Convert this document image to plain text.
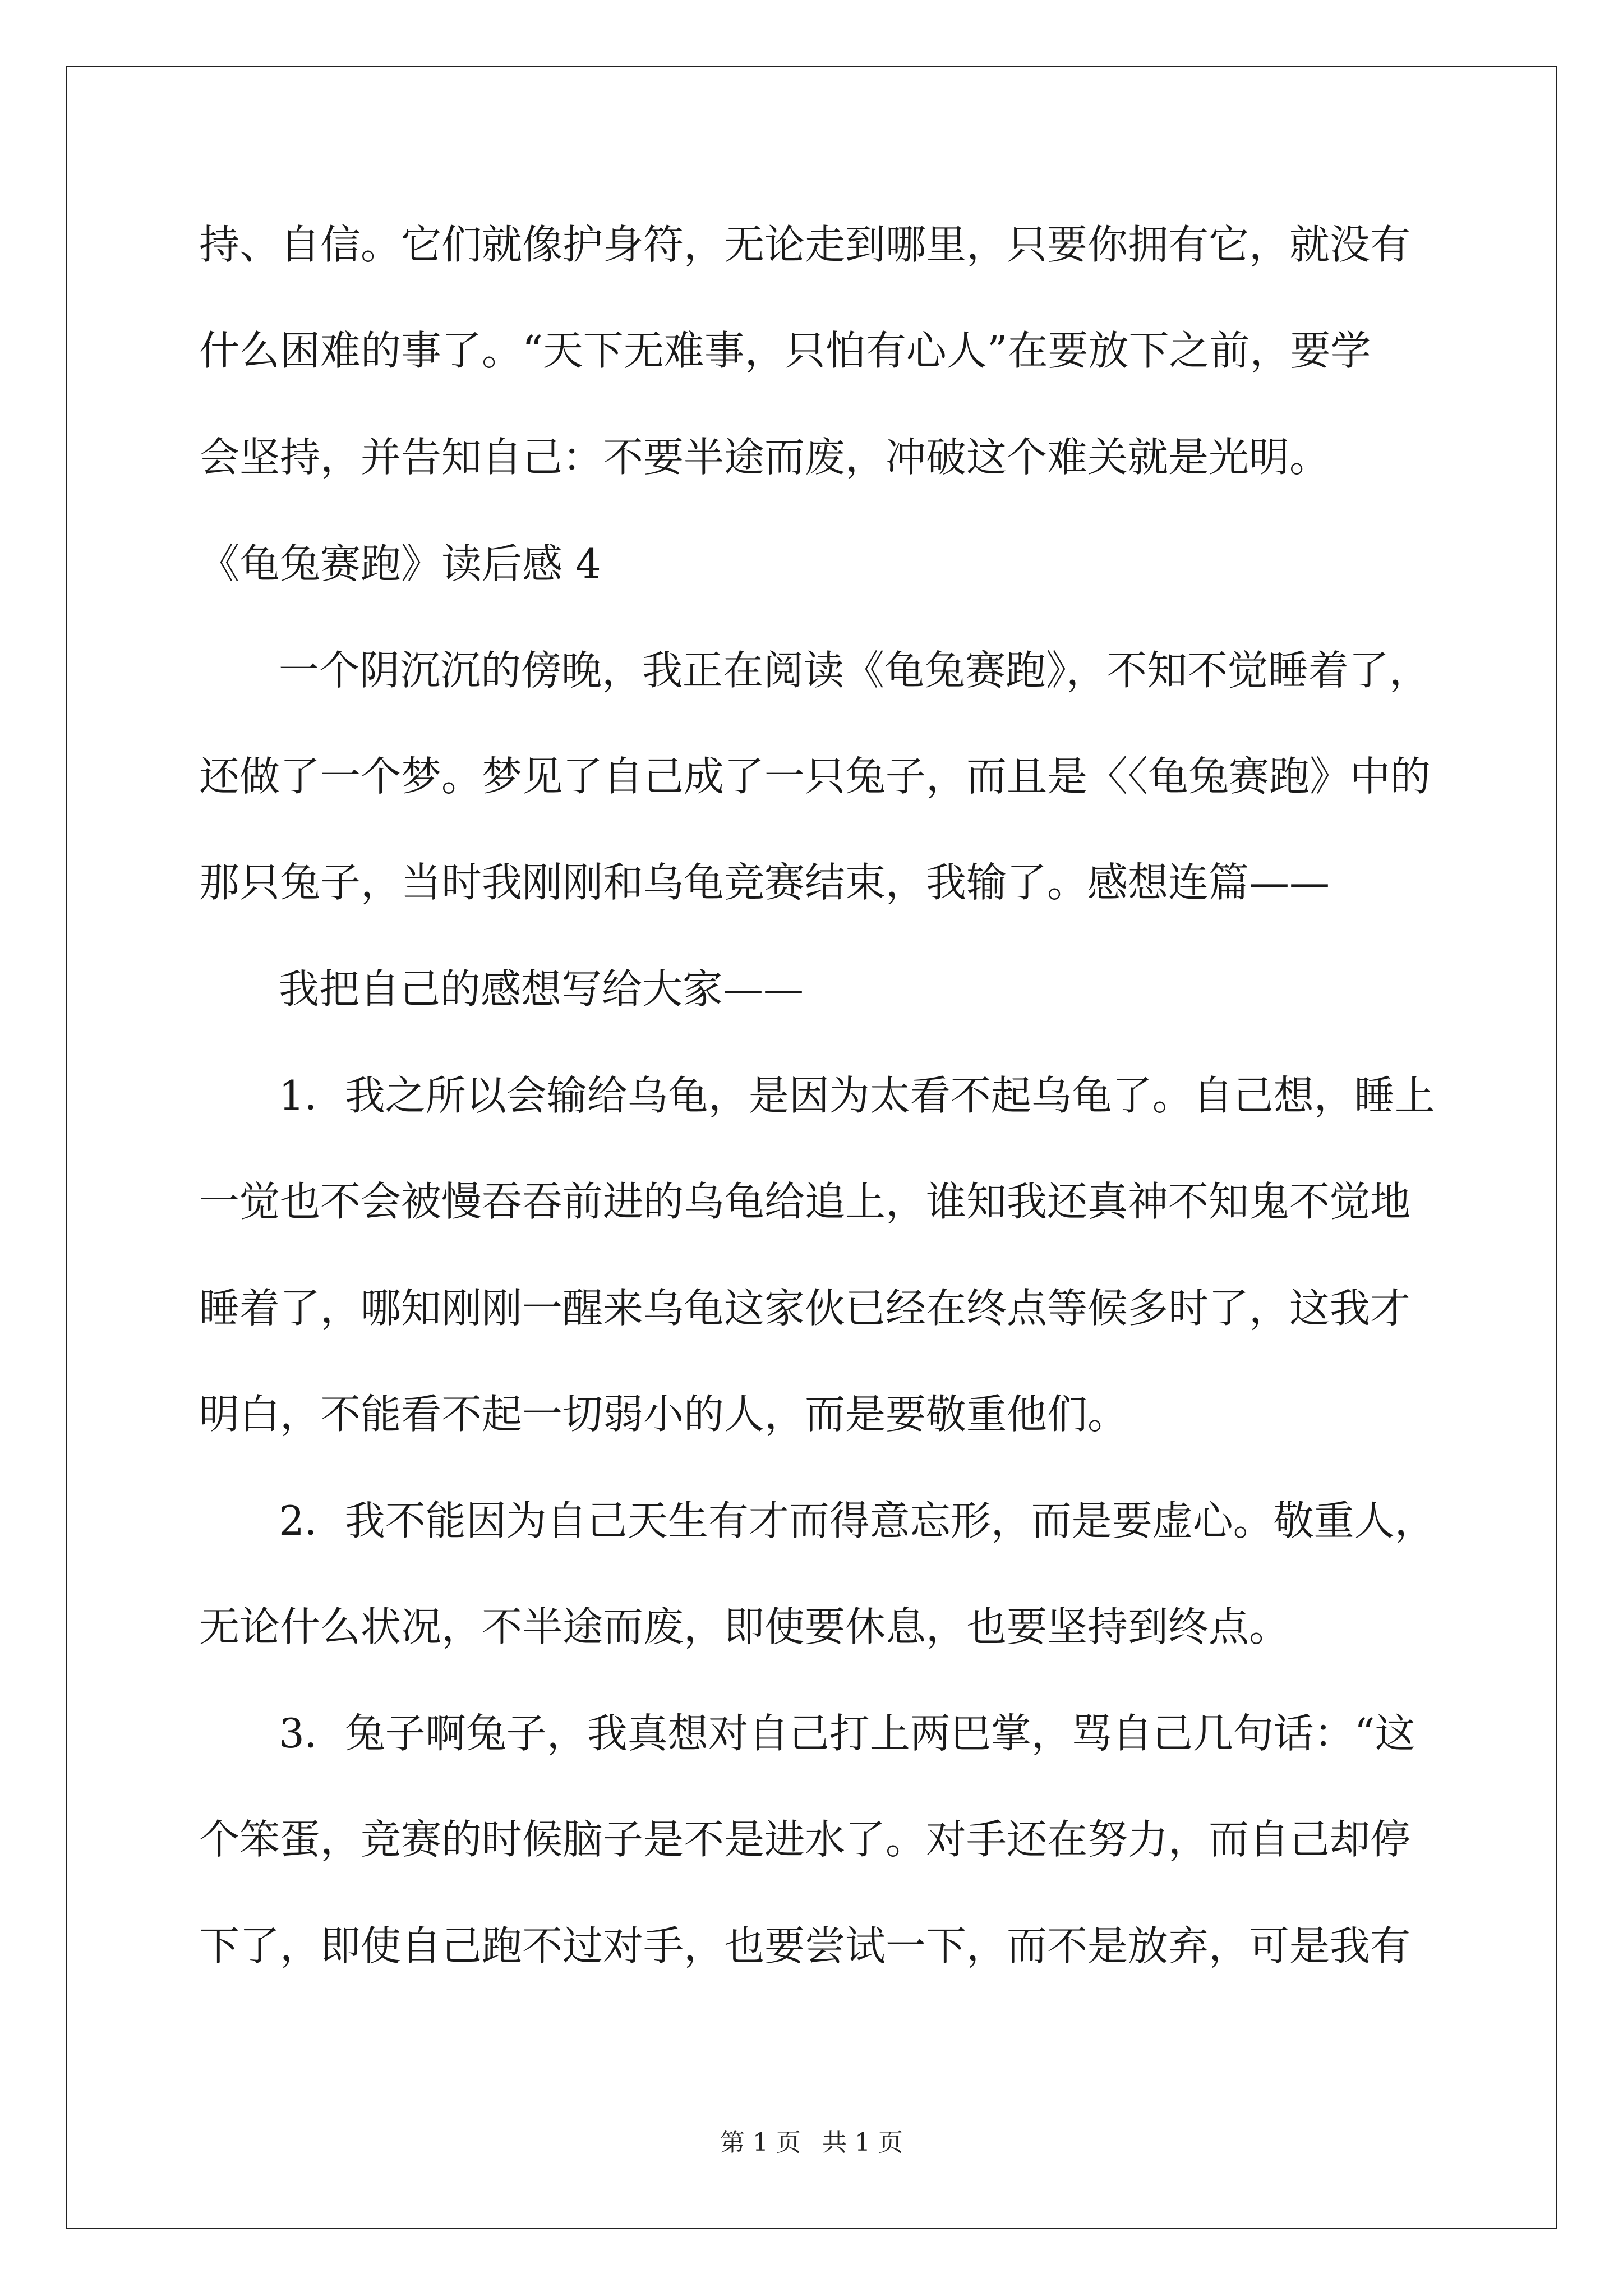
持、自信。它们就像护身符，无论走到哪里，只要你拥有它，就没有
什么困难的事了。“天下无难事，只怕有心人”在要放下之前，要学
会坚持，并告知自己：不要半途而废，冲破这个难关就是光明。
《龟兔赛跑》读后感 4
一个阴沉沉的傍晚，我正在阅读《龟兔赛跑》，不知不觉睡着了，
还做了一个梦。梦见了自己成了一只兔子，而且是〈〈龟兔赛跑》中的
那只兔子，当时我刚刚和乌龟竞赛结束，我输了。感想连篇——
我把自己的感想写给大家——
1．我之所以会输给乌龟，是因为太看不起乌龟了。自己想，睡上
一觉也不会被慢吞吞前进的乌龟给追上，谁知我还真神不知鬼不觉地
睡着了，哪知刚刚一醒来乌龟这家伙已经在终点等候多时了，这我才
明白，不能看不起一切弱小的人，而是要敬重他们。
2．我不能因为自己天生有才而得意忘形，而是要虚心。敬重人，
无论什么状况，不半途而废，即使要休息，也要坚持到终点。
3．兔子啊兔子，我真想对自己打上两巴掌，骂自己几句话：“这
个笨蛋，竞赛的时候脑子是不是进水了。对手还在努力，而自己却停
下了，即使自己跑不过对手，也要尝试一下，而不是放弃，可是我有
第 1 页 共 1 页
